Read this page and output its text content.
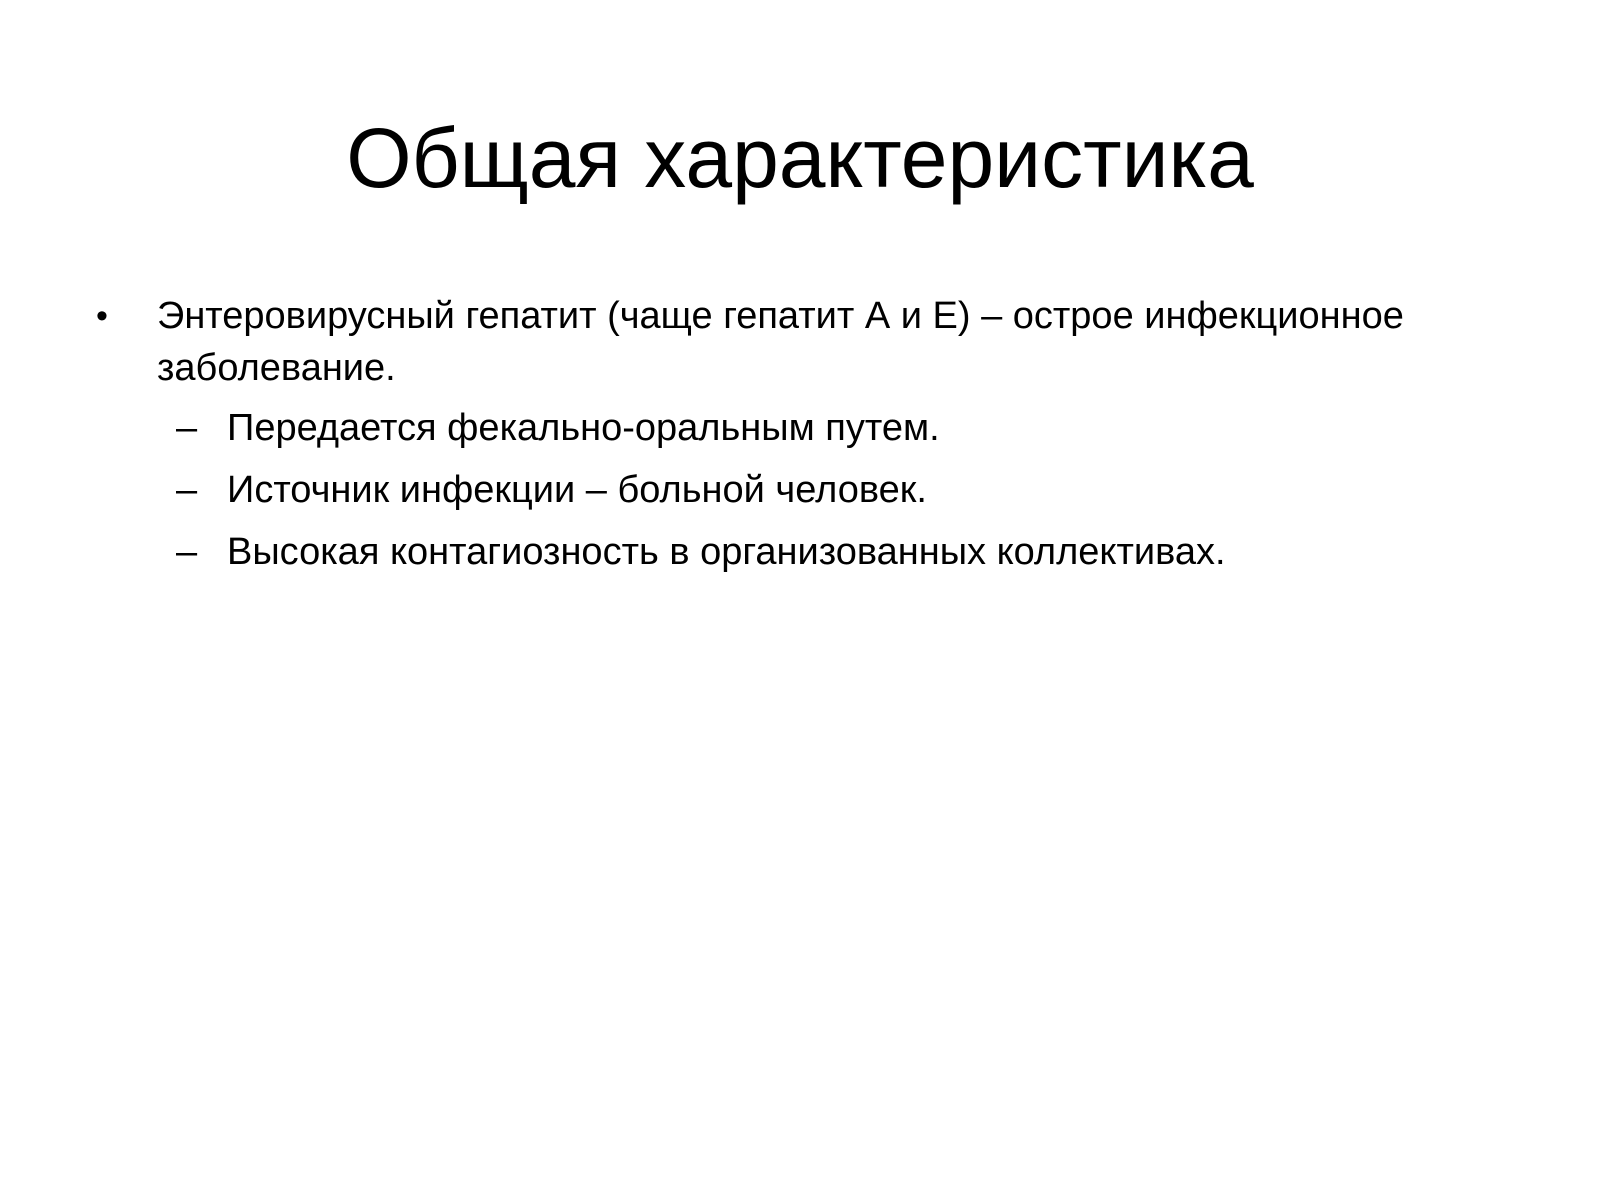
Общая характеристика
• Энтеровирусный гепатит (чаще гепатит А и Е) – острое инфекционное заболевание.
– Передается фекально-оральным путем.
– Источник инфекции – больной человек.
– Высокая контагиозность в организованных коллективах.
